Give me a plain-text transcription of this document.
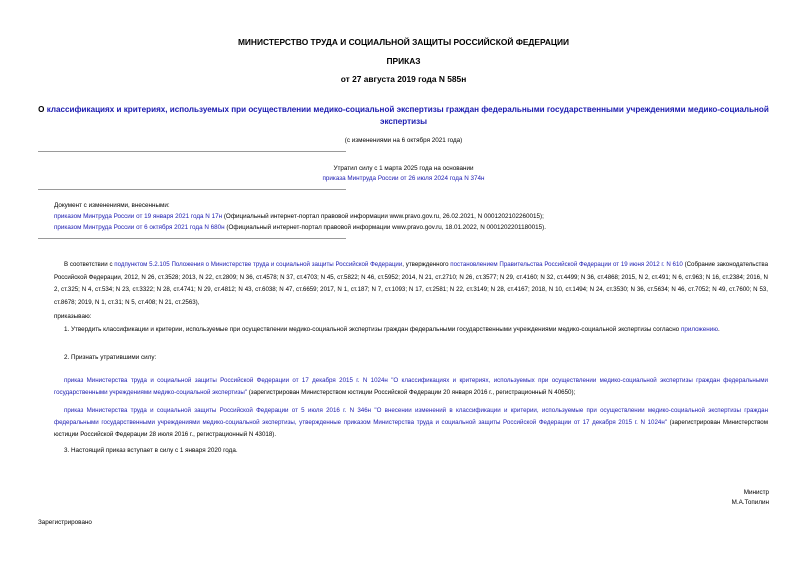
МИНИСТЕРСТВО ТРУДА И СОЦИАЛЬНОЙ ЗАЩИТЫ РОССИЙСКОЙ ФЕДЕРАЦИИ
ПРИКАЗ
от 27 августа 2019 года N 585н
О классификациях и критериях, используемых при осуществлении медико-социальной экспертизы граждан федеральными государственными учреждениями медико-социальной экспертизы
(с изменениями на 6 октября 2021 года)
Утратил силу с 1 марта 2025 года на основании
приказа Минтруда России от 26 июля 2024 года N 374н
Документ с изменениями, внесенными:
приказом Минтруда России от 19 января 2021 года N 17н (Официальный интернет-портал правовой информации www.pravo.gov.ru, 26.02.2021, N 0001202102260015);
приказом Минтруда России от 6 октября 2021 года N 680н (Официальный интернет-портал правовой информации www.pravo.gov.ru, 18.01.2022, N 0001202201180015).
В соответствии с подпунктом 5.2.105 Положения о Министерстве труда и социальной защиты Российской Федерации, утвержденного постановлением Правительства Российской Федерации от 19 июня 2012 г. N 610 (Собрание законодательства Российской Федерации, 2012, N 26, ст.3528; 2013, N 22, ст.2809; N 36, ст.4578; N 37, ст.4703; N 45, ст.5822; N 46, ст.5952; 2014, N 21, ст.2710; N 26, ст.3577; N 29, ст.4160; N 32, ст.4499; N 36, ст.4868; 2015, N 2, ст.491; N 6, ст.963; N 16, ст.2384; 2016, N 2, ст.325; N 4, ст.534; N 23, ст.3322; N 28, ст.4741; N 29, ст.4812; N 43, ст.6038; N 47, ст.6659; 2017, N 1, ст.187; N 7, ст.1093; N 17, ст.2581; N 22, ст.3149; N 28, ст.4167; 2018, N 10, ст.1494; N 24, ст.3530; N 36, ст.5634; N 46, ст.7052; N 49, ст.7600; N 53, ст.8678; 2019, N 1, ст.31; N 5, ст.408; N 21, ст.2563),
приказываю:
1. Утвердить классификации и критерии, используемые при осуществлении медико-социальной экспертизы граждан федеральными государственными учреждениями медико-социальной экспертизы согласно приложению.
2. Признать утратившими силу:
приказ Министерства труда и социальной защиты Российской Федерации от 17 декабря 2015 г. N 1024н "О классификациях и критериях, используемых при осуществлении медико-социальной экспертизы граждан федеральными государственными учреждениями медико-социальной экспертизы" (зарегистрирован Министерством юстиции Российской Федерации 20 января 2016 г., регистрационный N 40650);
приказ Министерства труда и социальной защиты Российской Федерации от 5 июля 2016 г. N 346н "О внесении изменений в классификации и критерии, используемые при осуществлении медико-социальной экспертизы граждан федеральными государственными учреждениями медико-социальной экспертизы, утвержденные приказом Министерства труда и социальной защиты Российской Федерации от 17 декабря 2015 г. N 1024н" (зарегистрирован Министерством юстиции Российской Федерации 28 июля 2016 г., регистрационный N 43018).
3. Настоящий приказ вступает в силу с 1 января 2020 года.
Министр
М.А.Топилин
Зарегистрировано
